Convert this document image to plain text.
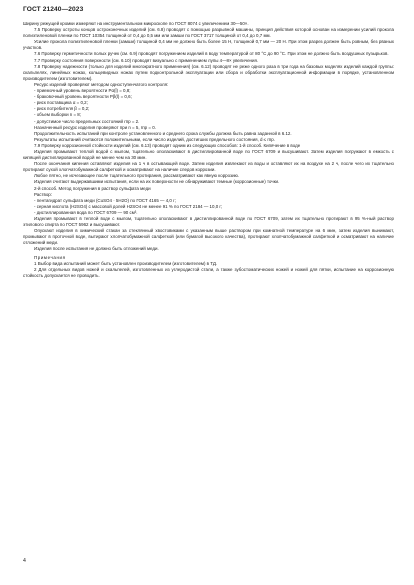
ГОСТ 21240—2023

Ширину режущей кромки измеряют на инструментальном микроскопе по ГОСТ 8074 с увеличением 30—50×.

7.5 Проверку остроты концов остроконечных изделий (см. 6.8) проводят с помощью разрывной машины, принцип действия которой основан на измерении усилий прокола полиэтиленовой пленки по ГОСТ 10354 толщиной от 0,4 до 0,5 мм или замши по ГОСТ 3717 толщиной от 0,4 до 0,7 мм.

Усилие прокола полиэтиленовой пленки (замши) толщиной 0,4 мм не должно быть более 15 Н, толщиной 0,7 мм — 20 Н. При этом разрез должен быть ровным, без рваных участков.

7.6 Проверку герметичности полых ручек (см. 6.9) проводят погружением изделий в воду температурой от 80 °С до 90 °С. При этом не должно быть воздушных пузырьков.

7.7 Проверку состояния поверхности (см. 6.10) проводят визуально с применением лупы 4—8× увеличения.

7.8 Проверку надежности (только для изделий многократного применения) (см. 6.12) проводят не реже одного раза в три года на базовых моделях изделий каждой группы: скальпелях, линейных ножах, кольцевидных ножах путем подконтрольной эксплуатации или сбора и обработки эксплуатационной информации в порядке, установленном производителем (изготовителем).

Ресурс изделий проверяют методом одноступенчатого контроля:

- приемочный уровень вероятности Pα(l) = 0,8;

- браковочный уровень вероятности Pβ(l) = 0,6;

- риск поставщика α = 0,2;

- риск потребителя β = 0,2;

- объем выборки n = 8;

- допустимое число предельных состояний rпр = 2.

Назначенный ресурс изделия проверяют при n = 5, rпр = 0.

Продолжительность испытаний при контроле установленного и среднего срока службы должна быть равна заданной в 6.12.

Результаты испытаний считаются положительными, если число изделий, достигших предельного состояния, d ≤ rпр.

7.9 Проверку коррозионной стойкости изделий (см. 6.13) проводят одним из следующих способов: 1-й способ. Кипячение в воде

Изделия промывают теплой водой с мылом, тщательно ополаскивают в дистиллированной воде по ГОСТ 6709 и высушивают. Затем изделия погружают в емкость с кипящей дистиллированной водой не менее чем на 30 мин.

После окончания кипения оставляют изделия на 1 ч в остывающей воде. Затем изделия извлекают из воды и оставляют их на воздухе на 2 ч, после чего их тщательно протирают сухой хлопчатобумажной салфеткой и осматривают на наличие следов коррозии.

Любое пятно, не исчезающее после тщательного протирания, рассматривают как явную коррозию.

Изделия считают выдержавшими испытания, если на их поверхности не обнаруживают темные (коррозионные) точки.

2-й способ. Метод погружения в раствор сульфата меди

Раствор:

- пентагидрат сульфата меди (CuSO4 · 5H2O) по ГОСТ 4165 — 4,0 г;

- серная кислота (H2SO4) с массовой долей H2SO4 не менее 91 % по ГОСТ 2184 — 10,0 г;

- дистиллированная вода по ГОСТ 6709 — 90 см³.

Изделия промывают в теплой воде с мылом, тщательно ополаскивают в дистиллированной воде по ГОСТ 6709, затем их тщательно протирают в 95 %-ный раствор этилового спирта по ГОСТ 5962 и высушивают.

Опускают изделия в химический стакан за стеклянный хвостовиками с указанным выше раствором при комнатной температуре на 6 мин, затем изделия вынимают, промывают в проточной воде, вытирают хлопчатобумажной салфеткой (или бумагой высокого качества), протирают хлопчатобумажной салфеткой и осматривают на наличие отложений меди.

Изделия после испытания не должно быть отложений меди.

Примечания

1 Выбор вида испытаний может быть установлен производителем (изготовителем) в ТД.

2 Для отдельных видов ножей и скальпелей, изготовленных из углеродистой стали, а также зубостоматических ножей и ножей для пятки, испытание на коррозионную стойкость допускается не проводить.

4
